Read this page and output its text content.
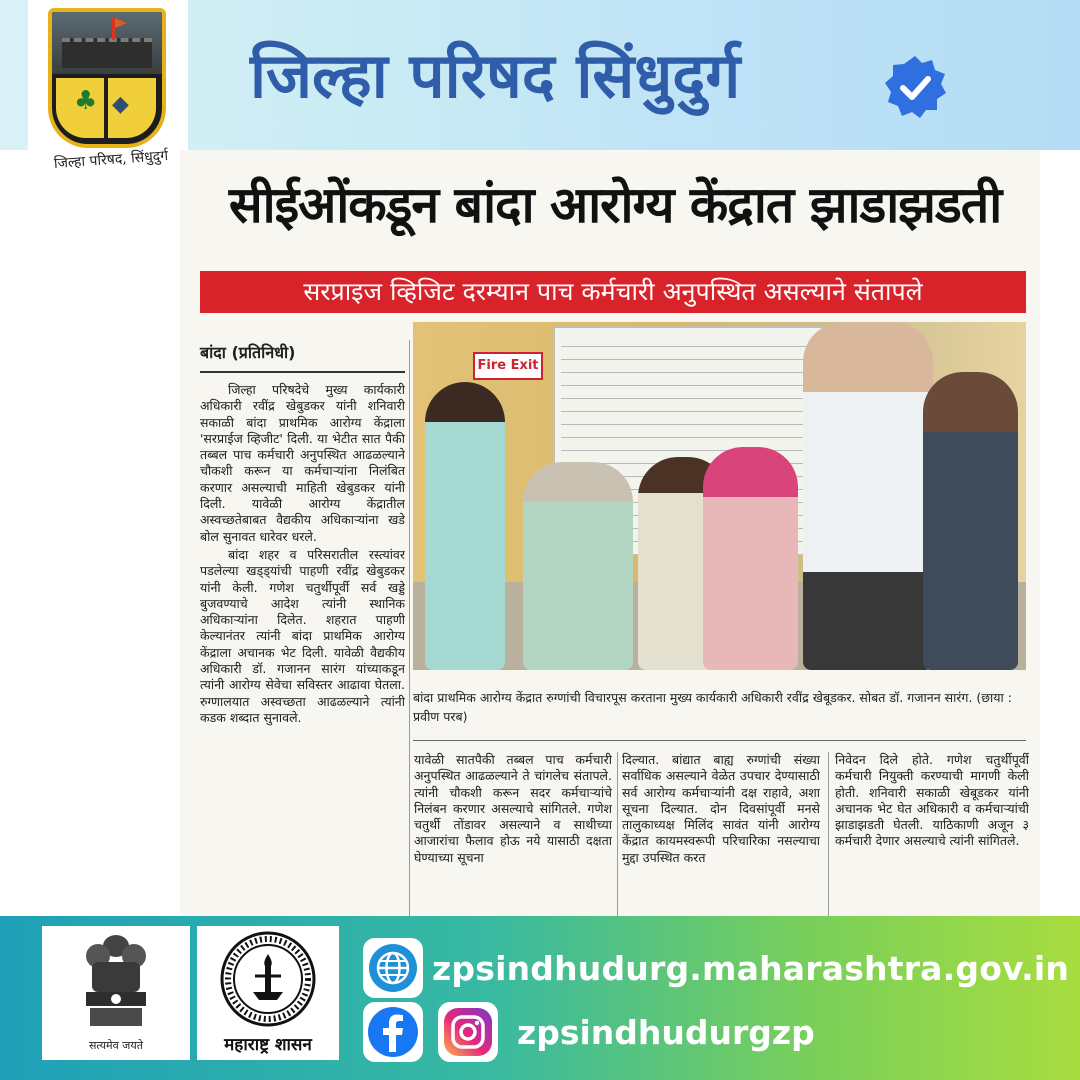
♣ ◆
जिल्हा परिषद, सिंधुदुर्ग
जिल्हा परिषद सिंधुदुर्ग
सीईओंकडून बांदा आरोग्य केंद्रात झाडाझडती
सरप्राइज व्हिजिट दरम्यान पाच कर्मचारी अनुपस्थित असल्याने संतापले
बांदा (प्रतिनिधी)

जिल्हा परिषदेचे मुख्य कार्यकारी अधिकारी रवींद्र खेबुडकर यांनी शनिवारी सकाळी बांदा प्राथमिक आरोग्य केंद्राला 'सरप्राईज व्हिजीट' दिली. या भेटीत सात पैकी तब्बल पाच कर्मचारी अनुपस्थित आढळल्याने चौकशी करून या कर्मचाऱ्यांना निलंबित करणार असल्याची माहिती खेबुडकर यांनी दिली. यावेळी आरोग्य केंद्रातील अस्वच्छतेबाबत वैद्यकीय अधिकाऱ्यांना खडे बोल सुनावत धारेवर धरले.

बांदा शहर व परिसरातील रस्त्यांवर पडलेल्या खड्ड्यांची पाहणी रवींद्र खेबुडकर यांनी केली. गणेश चतुर्थीपूर्वी सर्व खड्डे बुजवण्याचे आदेश त्यांनी स्थानिक अधिकाऱ्यांना दिलेत. शहरात पाहणी केल्यानंतर त्यांनी बांदा प्राथमिक आरोग्य केंद्राला अचानक भेट दिली. यावेळी वैद्यकीय अधिकारी डॉ. गजानन सारंग यांच्याकडून त्यांनी आरोग्य सेवेचा सविस्तर आढावा घेतला. रुग्णालयात अस्वच्छता आढळल्याने त्यांनी कडक शब्दात सुनावले.

Fire Exit
बांदा प्राथमिक आरोग्य केंद्रात रुग्णांची विचारपूस करताना मुख्य कार्यकारी अधिकारी रवींद्र खेबूडकर. सोबत डॉ. गजानन सारंग. (छाया : प्रवीण परब)

यावेळी सातपैकी तब्बल पाच कर्मचारी अनुपस्थित आढळल्याने ते चांगलेच संतापले. त्यांनी चौकशी करून सदर कर्मचाऱ्यांचे निलंबन करणार असल्याचे सांगितले. गणेश चतुर्थी तोंडावर असल्याने व साथीच्या आजारांचा फैलाव होऊ नये यासाठी दक्षता घेण्याच्या सूचना

दिल्यात. बांद्यात बाह्य रुग्णांची संख्या सर्वाधिक असल्याने वेळेत उपचार देण्यासाठी सर्व आरोग्य कर्मचाऱ्यांनी दक्ष राहावे, अशा सूचना दिल्यात. दोन दिवसांपूर्वी मनसे तालुकाध्यक्ष मिलिंद सावंत यांनी आरोग्य केंद्रात कायमस्वरूपी परिचारिका नसल्याचा मुद्दा उपस्थित करत

निवेदन दिले होते. गणेश चतुर्थीपूर्वी कर्मचारी नियुक्ती करण्याची मागणी केली होती. शनिवारी सकाळी खेबूडकर यांनी अचानक भेट घेत अधिकारी व कर्मचाऱ्यांची झाडाझडती घेतली. याठिकाणी अजून ३ कर्मचारी देणार असल्याचे त्यांनी सांगितले.

सत्यमेव जयते	महाराष्ट्र शासन
zpsindhudurg.maharashtra.gov.in
zpsindhudurgzp
